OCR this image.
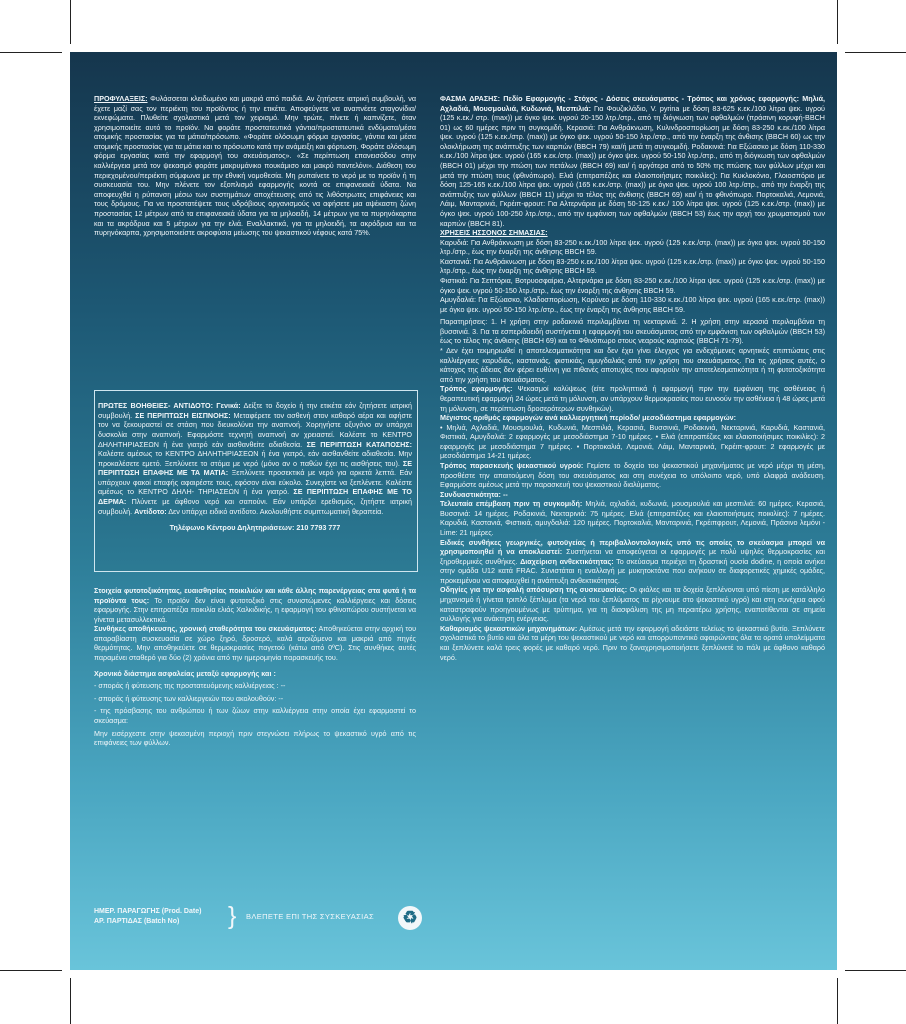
ΠΡΟΦΥΛΑΞΕΙΣ: Φυλάσσεται κλειδωμένο και μακριά από παιδιά. Αν ζητήσετε ιατρική συμβουλή, να έχετε μαζί σας τον περιέκτη του προϊόντος ή την ετικέτα. Αποφεύγετε να αναπνέετε σταγονίδια/εκνεφώματα. Πλυθείτε σχολαστικά μετά τον χειρισμό. Μην τρώτε, πίνετε ή καπνίζετε, όταν χρησιμοποιείτε αυτό το προϊόν. Να φοράτε προστατευτικά γάντια/προστατευτικά ενδύματα/μέσα ατομικής προστασίας για τα μάτια/πρόσωπο. «Φοράτε ολόσωμη φόρμα εργασίας, γάντια και μέσα ατομικής προστασίας για τα μάτια και το πρόσωπο κατά την ανάμειξη και φόρτωση. Φοράτε ολόσωμη φόρμα εργασίας κατά την εφαρμογή του σκευάσματος». «Σε περίπτωση επανεισόδου στην καλλιέργεια μετά τον ψεκασμό φοράτε μακρυμάνικο πουκάμισο και μακρύ παντελόνι». Διάθεση του περιεχομένου/περιέκτη σύμφωνα με την εθνική νομοθεσία. Μη ρυπαίνετε το νερό με το προϊόν ή τη συσκευασία του. Μην πλένετε τον εξοπλισμό εφαρμογής κοντά σε επιφανειακά ύδατα. Να αποφευχθεί η ρύπανση μέσω των συστημάτων αποχέτευσης από τις λιθόστρωτες επιφάνειες και τους δρόμους. Για να προστατέψετε τους υδρόβιους οργανισμούς να αφήσετε μια αψέκαστη ζώνη προστασίας 12 μέτρων από τα επιφανειακά ύδατα για τα μηλοειδή, 14 μέτρων για τα πυρηνόκαρπα και τα ακρόδρυα και 5 μέτρων για την ελιά. Εναλλακτικά, για τα μηλοειδή, τα ακρόδρυα και τα πυρηνόκαρπα, χρησιμοποιείστε ακροφύσια μείωσης του ψεκαστικού νέφους κατά 75%.

ΠΡΩΤΕΣ ΒΟΗΘΕΙΕΣ- ΑΝΤΙΔΟΤΟ: Γενικά: Δείξτε το δοχείο ή την ετικέτα εάν ζητήσετε ιατρική συμβουλή. ΣΕ ΠΕΡΙΠΤΩΣΗ ΕΙΣΠΝΟΗΣ: Μεταφέρετε τον ασθενή στον καθαρό αέρα και αφήστε τον να ξεκουραστεί σε στάση που διευκολύνει την αναπνοή. Χορηγήστε οξυγόνο αν υπάρχει δυσκολία στην αναπνοή. Εφαρμόστε τεχνητή αναπνοή αν χρειαστεί. Καλέστε το ΚΕΝΤΡΟ ΔΗΛΗΤΗΡΙΑΣΕΩΝ ή ένα γιατρό εάν αισθανθείτε αδιαθεσία. ΣΕ ΠΕΡΙΠΤΩΣΗ ΚΑΤΑΠΟΣΗΣ: Καλέστε αμέσως το ΚΕΝΤΡΟ ΔΗΛΗΤΗΡΙΑΣΕΩΝ ή ένα γιατρό, εάν αισθανθείτε αδιαθεσία. Μην προκαλέσετε εμετό. Ξεπλύνετε το στόμα με νερό (μόνο αν ο παθών έχει τις αισθήσεις του). ΣΕ ΠΕΡΙΠΤΩΣΗ ΕΠΑΦΗΣ ΜΕ ΤΑ ΜΑΤΙΑ: Ξεπλύνετε προσεκτικά με νερό για αρκετά λεπτά. Εάν υπάρχουν φακοί επαφής αφαιρέστε τους, εφόσον είναι εύκολο. Συνεχίστε να ξεπλένετε. Καλέστε αμέσως το ΚΕΝΤΡΟ ΔΗΛΗ- ΤΗΡΙΑΣΕΩΝ ή ένα γιατρό. ΣΕ ΠΕΡΙΠΤΩΣΗ ΕΠΑΦΗΣ ΜΕ ΤΟ ΔΕΡΜΑ: Πλύνετε με άφθονο νερό και σαπούνι. Εάν υπάρξει ερεθισμός, ζητήστε ιατρική συμβουλή. Αντίδοτο: Δεν υπάρχει ειδικό αντίδοτο. Ακολουθήστε συμπτωματική θεραπεία.

Τηλέφωνο Κέντρου Δηλητηριάσεων: 210 7793 777

Στοιχεία φυτοτοξικότητας, ευαισθησίας ποικιλιών και κάθε άλλης παρενέργειας στα φυτά ή τα προϊόντα τους: Το προϊόν δεν είναι φυτοτοξικό στις συνιστώμενες καλλιέργειες και δόσεις εφαρμογής. Στην επιτραπέζια ποικιλία ελιάς Χαλκιδικής, η εφαρμογή του φθινοπώρου συστήνεται να γίνεται μετασυλλεκτικά.

Συνθήκες αποθήκευσης, χρονική σταθερότητα του σκευάσματος: Αποθηκεύεται στην αρχική του απαραβίαστη συσκευασία σε χώρο ξηρό, δροσερό, καλά αεριζόμενο και μακριά από πηγές θερμότητας. Μην αποθηκεύετε σε θερμοκρασίες παγετού (κάτω από 0ºC). Στις συνθήκες αυτές παραμένει σταθερό για δύο (2) χρόνια από την ημερομηνία παρασκευής του.

Χρονικό διάστημα ασφαλείας μεταξύ εφαρμογής και :

- σποράς ή φύτευσης της προστατευόμενης καλλιέργειας : --

- σποράς ή φύτευσης των καλλιεργειών που ακολουθούν: --

- της πρόσβασης του ανθρώπου ή των ζώων στην καλλιέργεια στην οποία έχει εφαρμοστεί το σκεύασμα:

Μην εισέρχεστε στην ψεκασμένη περιοχή πριν στεγνώσει πλήρως το ψεκαστικό υγρό από τις επιφάνειες των φύλλων.

ΗΜΕΡ. ΠΑΡΑΓΩΓΗΣ (Prod. Date)
ΑΡ. ΠΑΡΤΙΔΑΣ (Batch No)	} ΒΛΕΠΕΤΕ ΕΠΙ ΤΗΣ ΣΥΣΚΕΥΑΣΙΑΣ ♻

ΦΑΣΜΑ ΔΡΑΣΗΣ: Πεδίο Εφαρμογής - Στόχος - Δόσεις σκευάσματος - Τρόπος και χρόνος εφαρμογής: Μηλιά, Αχλαδιά, Μουσμουλιά, Κυδωνιά, Μεσπιλιά: Για Φουζικλάδιο, V. pyrina με δόση 83-625 κ.εκ./100 λίτρα ψεκ. υγρού (125 κ.εκ./ στρ. (max)) με όγκο ψεκ. υγρού 20-150 λτρ./στρ., από τη διόγκωση των οφθαλμών (πράσινη κορυφή-BBCH 01) ως 60 ημέρες πριν τη συγκομιδή. Κερασιά: Για Ανθράκνωση, Κυλινδροσπορίωση με δόση 83-250 κ.εκ./100 λίτρα ψεκ. υγρού (125 κ.εκ./στρ. (max)) με όγκο ψεκ. υγρού 50-150 λτρ./στρ., από την έναρξη της άνθισης (BBCH 60) ως την ολοκλήρωση της ανάπτυξης των καρπών (BBCH 79) και/ή μετά τη συγκομιδή. Ροδακινιά: Για Εξώασκο με δόση 110-330 κ.εκ./100 λίτρα ψεκ. υγρού (165 κ.εκ./στρ. (max)) με όγκο ψεκ. υγρού 50-150 λτρ./στρ., από τη διόγκωση των οφθαλμών (BBCH 01) μέχρι την πτώση των πετάλων (BBCH 69) και/ ή αργότερα από το 50% της πτώσης των φύλλων μέχρι και μετά την πτώση τους (φθινόπωρο). Ελιά (επιτραπέζιες και ελαιοποιήσιμες ποικιλίες): Για Κυκλοκόνιο, Γλοιοσπόριο με δόση 125-165 κ.εκ./100 λίτρα ψεκ. υγρού (165 κ.εκ./στρ. (max)) με όγκο ψεκ. υγρού 100 λτρ./στρ., από την έναρξη της ανάπτυξης των φύλλων (BBCH 11) μέχρι το τέλος της άνθισης (BBCH 69) και/ ή το φθινόπωρο. Πορτοκαλιά, Λεμονιά, Λάιμ, Μανταρινιά, Γκρέιπ-φρουτ: Για Αλτερνάρια με δόση 50-125 κ.εκ./ 100 λίτρα ψεκ. υγρού (125 κ.εκ./στρ. (max)) με όγκο ψεκ. υγρού 100-250 λτρ./στρ., από την εμφάνιση των οφθαλμών (BBCH 53) έως την αρχή του χρωματισμού των καρπών (BBCH 81).

ΧΡΗΣΕΙΣ ΗΣΣΟΝΟΣ ΣΗΜΑΣΙΑΣ:

Καρυδιά: Για Ανθράκνωση με δόση 83-250 κ.εκ./100 λίτρα ψεκ. υγρού (125 κ.εκ./στρ. (max)) με όγκο ψεκ. υγρού 50-150 λτρ./στρ., έως την έναρξη της άνθησης BBCH 59.

Καστανιά: Για Ανθράκνωση με δόση 83-250 κ.εκ./100 λίτρα ψεκ. υγρού (125 κ.εκ./στρ. (max)) με όγκο ψεκ. υγρού 50-150 λτρ./στρ., έως την έναρξη της άνθησης BBCH 59.

Φιστικιά: Για Σεπτόρια, Βοτρυοσφαίρια, Αλτερνάρια με δόση 83-250 κ.εκ./100 λίτρα ψεκ. υγρού (125 κ.εκ./στρ. (max)) με όγκο ψεκ. υγρού 50-150 λτρ./στρ., έως την έναρξη της άνθησης BBCH 59.

Αμυγδαλιά: Για Εξώασκο, Κλαδοσπορίωση, Κορύνεο με δόση 110-330 κ.εκ./100 λίτρα ψεκ. υγρού (165 κ.εκ./στρ. (max)) με όγκο ψεκ. υγρού 50-150 λτρ./στρ., έως την έναρξη της άνθησης BBCH 59.

Παρατηρήσεις: 1. Η χρήση στην ροδακινιά περιλαμβάνει τη νεκταρινιά. 2. Η χρήση στην κερασιά περιλαμβάνει τη βυσσινιά. 3. Για τα εσπεριδοειδή συστήνεται η εφαρμογή του σκευάσματος από την εμφάνιση των οφθαλμών (BBCH 53) έως το τέλος της άνθισης (BBCH 69) και το Φθινόπωρο στους νεαρούς καρπούς (BBCH 71-79).

* Δεν έχει τεκμηριωθεί η αποτελεσματικότητα και δεν έχει γίνει έλεγχος για ενδεχόμενες αρνητικές επιπτώσεις στις καλλιέργειες καρυδιάς, καστανιάς, φιστικιάς, αμυγδαλιάς από την χρήση του σκευάσματος. Για τις χρήσεις αυτές, ο κάτοχος της άδειας δεν φέρει ευθύνη για πιθανές αποτυχίες που αφορούν την αποτελεσματικότητα ή τη φυτοτοξικότητα από την χρήση του σκευάσματος.

Τρόπος εφαρμογής: Ψεκασμοί καλύψεως (είτε προληπτικά ή εφαρμογή πριν την εμφάνιση της ασθένειας ή θεραπευτική εφαρμογή 24 ώρες μετά τη μόλυνση, αν υπάρχουν θερμοκρασίες που ευνοούν την ασθένεια ή 48 ώρες μετά τη μόλυνση, σε περίπτωση δροσερότερων συνθηκών).

Μέγιστος αριθμός εφαρμογών ανά καλλιεργητική περίοδο/ μεσοδιάστημα εφαρμογών:

• Μηλιά, Αχλαδιά, Μουσμουλιά, Κυδωνιά, Μεσπιλιά, Κερασιά, Βυσσινιά, Ροδακινιά, Νεκταρινιά, Καρυδιά, Καστανιά, Φιστικιά, Αμυγδαλιά: 2 εφαρμογές με μεσοδιάστημα 7-10 ημέρες. • Ελιά (επιτραπέζιες και ελαιοποιήσιμες ποικιλίες): 2 εφαρμογές με μεσοδιάστημα 7 ημέρες. • Πορτοκαλιά, Λεμονιά, Λάιμ, Μανταρινιά, Γκρέιπ-φρουτ: 2 εφαρμογές με μεσοδιάστημα 14-21 ημέρες.

Τρόπος παρασκευής ψεκαστικού υγρού: Γεμίστε το δοχείο του ψεκαστικού μηχανήματος με νερό μέχρι τη μέση, προσθέστε την απαιτούμενη δόση του σκευάσματος και στη συνέχεια το υπόλοιπο νερό, υπό ελαφρά ανάδευση. Εφαρμόστε αμέσως μετά την παρασκευή του ψεκαστικού διαλύματος.

Συνδυαστικότητα: --

Τελευταία επέμβαση πριν τη συγκομιδή: Μηλιά, αχλαδιά, κυδωνιά, μουσμουλιά και μεσπιλιά: 60 ημέρες. Κερασιά, Βυσσινιά: 14 ημέρες. Ροδακινιά, Νεκταρινιά: 75 ημέρες. Ελιά (επιτραπέζιες και ελαιοποιήσιμες ποικιλίες): 7 ημέρες. Καρυδιά, Καστανιά, Φιστικιά, αμυγδαλιά: 120 ημέρες. Πορτοκαλιά, Μανταρινιά, Γκρέιπφρουτ, Λεμονιά, Πράσινο λεμόνι - Lime: 21 ημέρες.

Ειδικές συνθήκες γεωργικές, φυτοϋγείας ή περιβαλλοντολογικές υπό τις οποίες το σκεύασμα μπορεί να χρησιμοποιηθεί ή να αποκλειστεί: Συστήνεται να αποφεύγεται οι εφαρμογές με πολύ υψηλές θερμοκρασίες και ξηροθερμικές συνθήκες. Διαχείριση ανθεκτικότητας: Το σκεύασμα περιέχει τη δραστική ουσία dodine, η οποία ανήκει στην ομάδα U12 κατά FRAC. Συνιστάται η εναλλαγή με μυκητοκτόνα που ανήκουν σε διαφορετικές χημικές ομάδες, προκειμένου να αποφευχθεί η ανάπτυξη ανθεκτικότητας.

Οδηγίες για την ασφαλή απόσυρση της συσκευασίας: Οι φιάλες και τα δοχεία ξεπλένονται υπό πίεση με κατάλληλο μηχανισμό ή γίνεται τριπλό ξέπλυμα (τα νερά του ξεπλύματος τα ρίχνουμε στο ψεκαστικό υγρό) και στη συνέχεια αφού καταστραφούν προηγουμένως με τρύπημα, για τη διασφάλιση της μη περαιτέρω χρήσης, εναποτίθενται σε σημεία συλλογής για ανάκτηση ενέργειας.

Καθαρισμός ψεκαστικών μηχανημάτων: Αμέσως μετά την εφαρμογή αδειάστε τελείως το ψεκαστικό βυτίο. Ξεπλύνετε σχολαστικά το βυτίο και όλα τα μέρη του ψεκαστικού με νερό και απορρυπαντικό αφαιρώντας όλα τα ορατά υπολείμματα και ξεπλύνετε καλά τρεις φορές με καθαρό νερό. Πριν το ξαναχρησιμοποιήσετε ξεπλύνετέ το πάλι με άφθονο καθαρό νερό.
